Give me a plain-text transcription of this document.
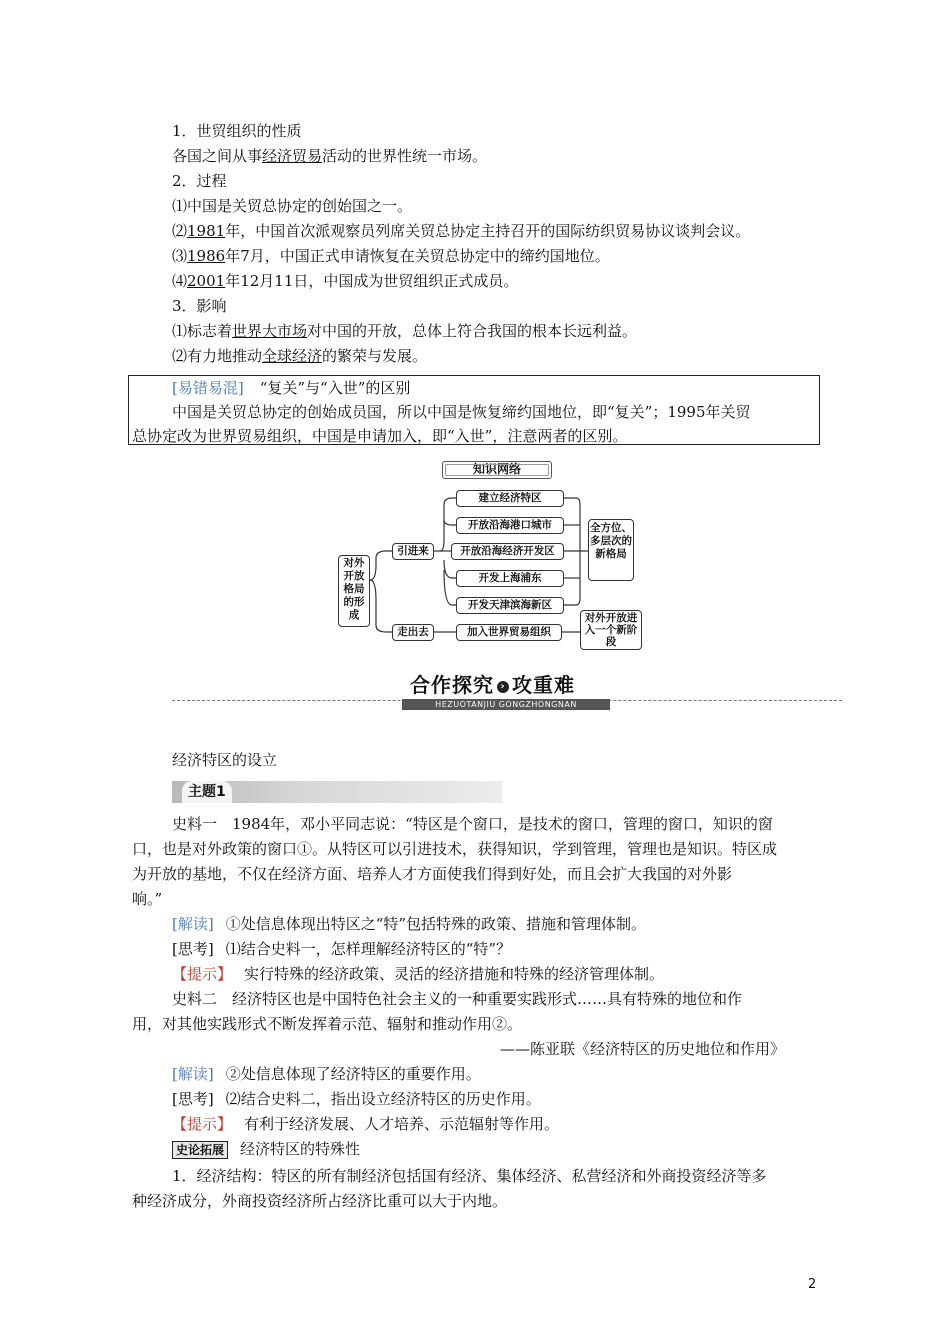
1．世贸组织的性质
各国之间从事经济贸易活动的世界性统一市场。
2．过程
⑴中国是关贸总协定的创始国之一。
⑵1981年，中国首次派观察员列席关贸总协定主持召开的国际纺织贸易协议谈判会议。
⑶1986年7月，中国正式申请恢复在关贸总协定中的缔约国地位。
⑷2001年12月11日，中国成为世贸组织正式成员。
3．影响
⑴标志着世界大市场对中国的开放，总体上符合我国的根本长远利益。
⑵有力地推动全球经济的繁荣与发展。
[易错易混] “复关”与“入世”的区别
中国是关贸总协定的创始成员国，所以中国是恢复缔约国地位，即“复关”；1995年关贸
总协定改为世界贸易组织，中国是申请加入，即“入世”，注意两者的区别。
知识网络
对外开放格局的形成
引进来
走出去
建立经济特区
开放沿海港口城市
开放沿海经济开发区
开发上海浦东
开发天津滨海新区
加入世界贸易组织
全方位、多层次的新格局
对外开放进入一个新阶段
合作探究 › 攻重难
HEZUOTANJIU GONGZHONGNAN
经济特区的设立
主题1
史料一　1984年，邓小平同志说：“特区是个窗口，是技术的窗口，管理的窗口，知识的窗
口，也是对外政策的窗口①。从特区可以引进技术，获得知识，学到管理，管理也是知识。特区成
为开放的基地，不仅在经济方面、培养人才方面使我们得到好处，而且会扩大我国的对外影
响。”
[解读] ①处信息体现出特区之“特”包括特殊的政策、措施和管理体制。
[思考] ⑴结合史料一，怎样理解经济特区的“特”？
【提示】 实行特殊的经济政策、灵活的经济措施和特殊的经济管理体制。
史料二　经济特区也是中国特色社会主义的一种重要实践形式……具有特殊的地位和作
用，对其他实践形式不断发挥着示范、辐射和推动作用②。
——陈亚联《经济特区的历史地位和作用》
[解读] ②处信息体现了经济特区的重要作用。
[思考] ⑵结合史料二，指出设立经济特区的历史作用。
【提示】 有利于经济发展、人才培养、示范辐射等作用。
史论拓展 经济特区的特殊性
1．经济结构：特区的所有制经济包括国有经济、集体经济、私营经济和外商投资经济等多
种经济成分，外商投资经济所占经济比重可以大于内地。
2
